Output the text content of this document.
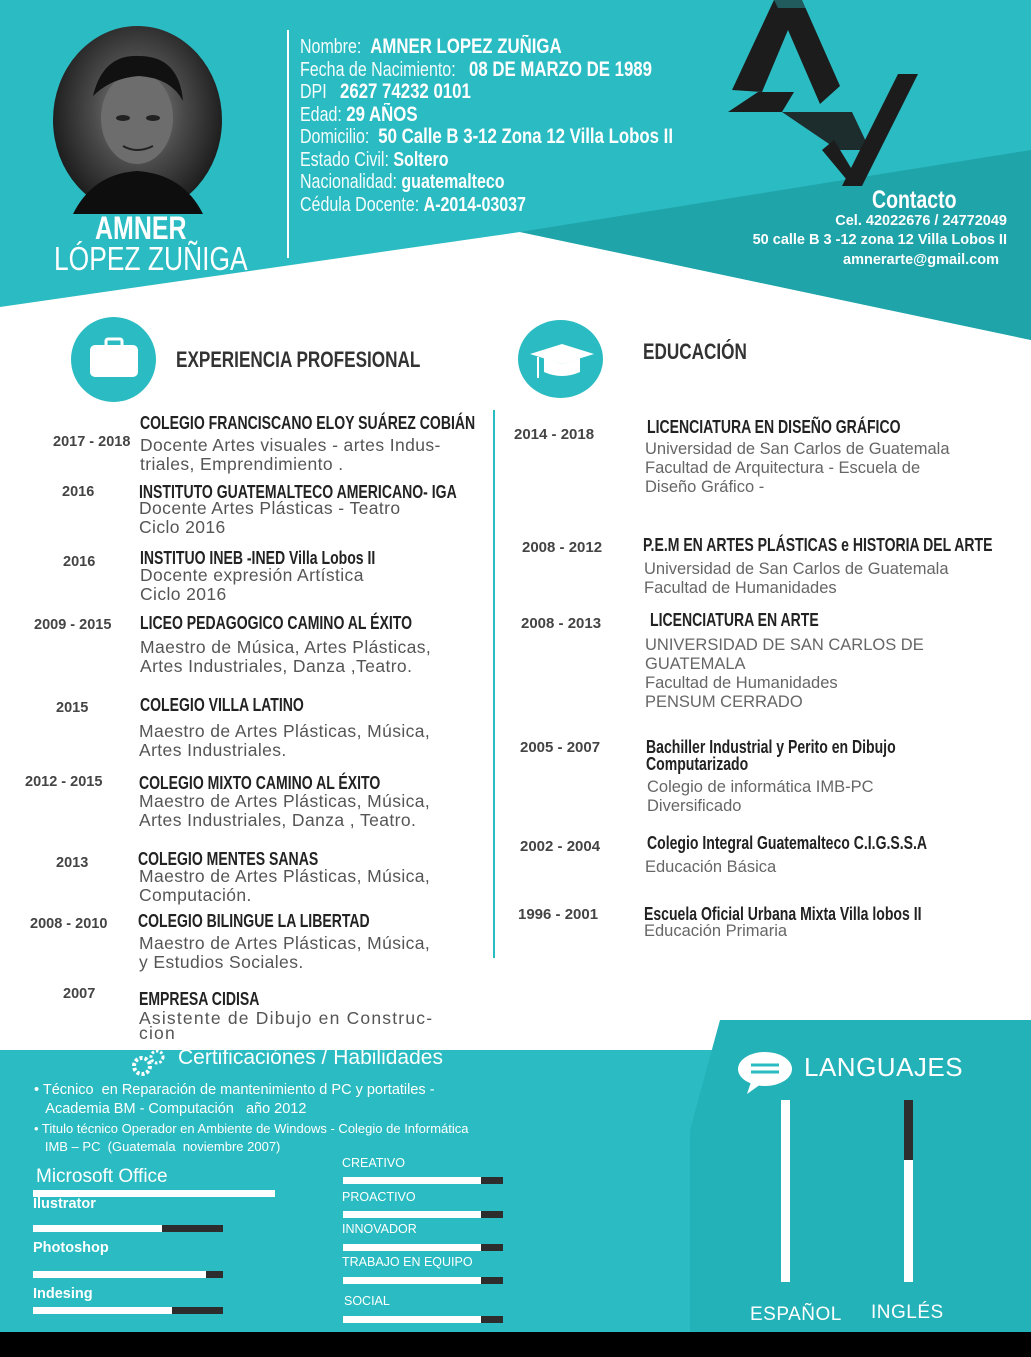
AMNER
LÓPEZ ZUÑIGA
Nombre: AMNER LOPEZ ZUÑIGA
Fecha de Nacimiento: 08 DE MARZO DE 1989
DPI 2627 74232 0101
Edad: 29 AÑOS
Domicilio: 50 Calle B 3-12 Zona 12 Villa Lobos II
Estado Civil: Soltero
Nacionalidad: guatemalteco
Cédula Docente: A-2014-03037	Contacto
Cel. 42022676 / 24772049
50 calle B 3 -12 zona 12 Villa Lobos II
amnerarte@gmail.com
EXPERIENCIA PROFESIONAL	EDUCACIÓN
2017 - 2018
COLEGIO FRANCISCANO ELOY SUÁREZ COBIÁN
Docente Artes visuales - artes Indus-
triales, Emprendimiento .
2016 INSTITUTO GUATEMALTECO AMERICANO- IGA
Docente Artes Plásticas - Teatro
Ciclo 2016
2016 INSTITUO INEB -INED Villa Lobos II
Docente expresión Artística
Ciclo 2016
2009 - 2015 LICEO PEDAGOGICO CAMINO AL ÉXITO
Maestro de Música, Artes Plásticas,
Artes Industriales, Danza ,Teatro.
2015	COLEGIO VILLA LATINO
Maestro de Artes Plásticas, Música,
Artes Industriales.
2012 - 2015 COLEGIO MIXTO CAMINO AL ÉXITO
Maestro de Artes Plásticas, Música,
Artes Industriales, Danza , Teatro.
2013	COLEGIO MENTES SANAS
Maestro de Artes Plásticas, Música,
Computación.
2008 - 2010 COLEGIO BILINGUE LA LIBERTAD
Maestro de Artes Plásticas, Música,
y Estudios Sociales.
2007 EMPRESA CIDISA
Asistente de Dibujo en Construc-
cion
2014 - 2018	LICENCIATURA EN DISEÑO GRÁFICO
Universidad de San Carlos de Guatemala
Facultad de Arquitectura - Escuela de
Diseño Gráfico -
2008 - 2012 P.E.M EN ARTES PLÁSTICAS e HISTORIA DEL ARTE
Universidad de San Carlos de Guatemala
Facultad de Humanidades
2008 - 2013	LICENCIATURA EN ARTE
UNIVERSIDAD DE SAN CARLOS DE
GUATEMALA
Facultad de Humanidades
PENSUM CERRADO
2005 - 2007	Bachiller Industrial y Perito en Dibujo
Computarizado
Colegio de informática IMB-PC
Diversificado
2002 - 2004	Colegio Integral Guatemalteco C.I.G.S.S.A
Educación Básica
1996 - 2001	Escuela Oficial Urbana Mixta Villa lobos II
Educación Primaria
Certificaciónes / Habilidades
• Técnico  en Reparación de mantenimiento d PC y portatiles -
Academia BM - Computación   año 2012
• Titulo técnico Operador en Ambiente de Windows - Colegio de Informática
IMB – PC  (Guatemala  noviembre 2007)
Microsoft Office
Ilustrator
Photoshop
Indesing
CREATIVO
PROACTIVO
INNOVADOR
TRABAJO EN EQUIPO
SOCIAL
LANGUAJES
ESPAÑOL INGLÉS
